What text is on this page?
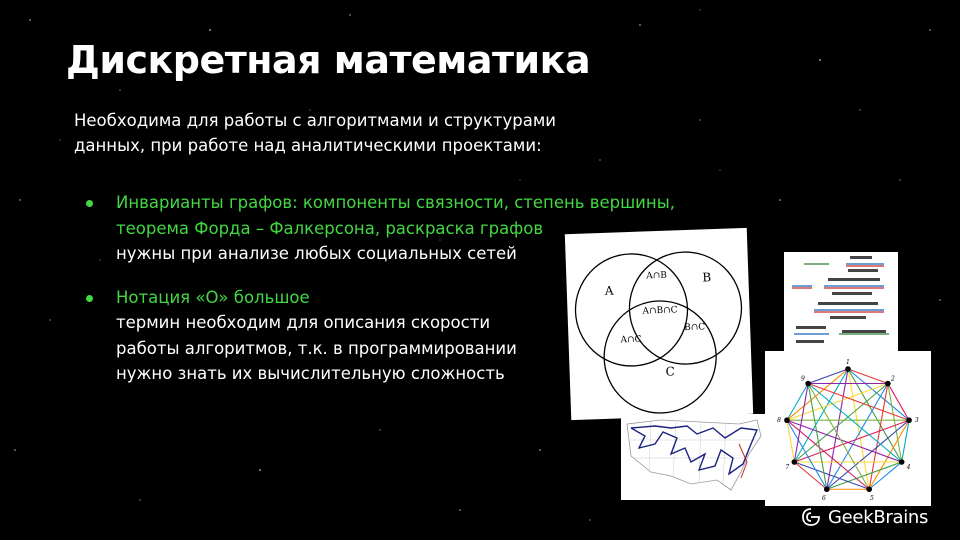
Дискретная математика
Необходима для работы с алгоритмами и структурами
данных, при работе над аналитическими проектами:
Инварианты графов: компоненты связности, степень вершины,
теорема Форда – Фалкерсона, раскраска графов
нужны при анализе любых социальных сетей
Нотация «О» большое
термин необходим для описания скорости
работы алгоритмов, т.к. в программировании
нужно знать их вычислительную сложность
A
B
C
A∩B
A∩B∩C
A∩C
B∩C
1
2
3
4
5
6
7
8
9
GeekBrains
